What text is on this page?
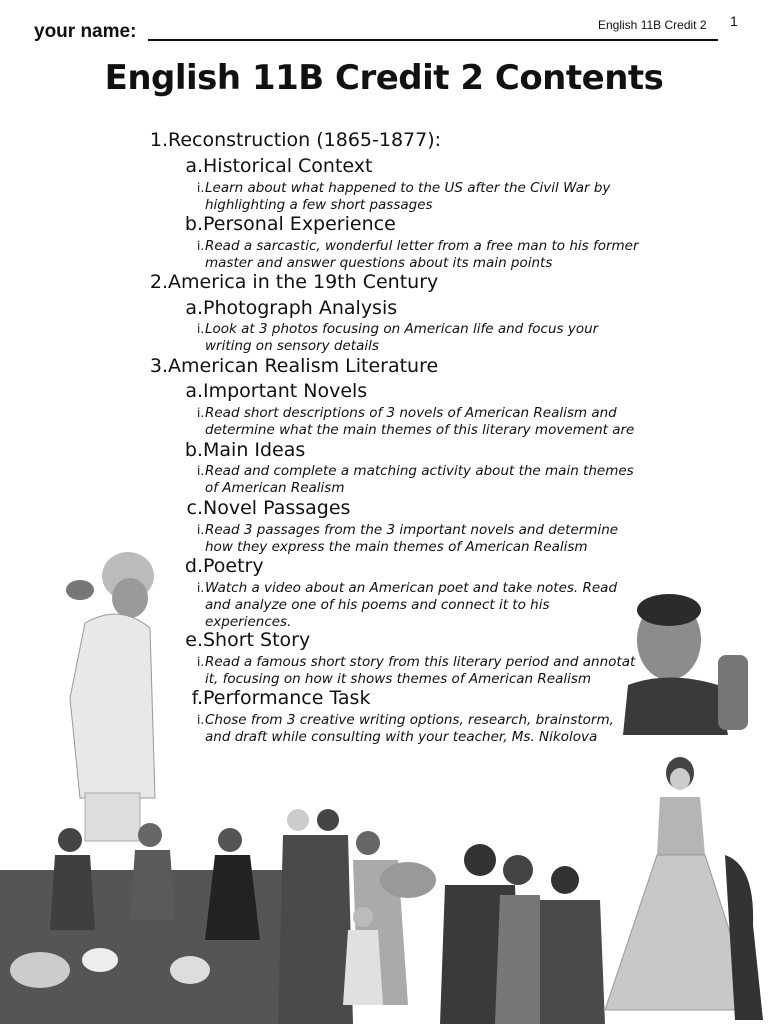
your name:	English 11B Credit 2 1
English 11B Credit 2 Contents
1.Reconstruction (1865-1877):
a.Historical Context
i. Learn about what happened to the US after the Civil War by
highlighting a few short passages
b.Personal Experience
i. Read a sarcastic, wonderful letter from a free man to his former
master and answer questions about its main points
2.America in the 19th Century
a.Photograph Analysis
i. Look at 3 photos focusing on American life and focus your
writing on sensory details
3.American Realism Literature
a.Important Novels
i. Read short descriptions of 3 novels of American Realism and
determine what the main themes of this literary movement are
b.Main Ideas
i. Read and complete a matching activity about the main themes
of American Realism
c.Novel Passages
i. Read 3 passages from the 3 important novels and determine
how they express the main themes of American Realism
d.Poetry
i. Watch a video about an American poet and take notes. Read
and analyze one of his poems and connect it to his
experiences.
e.Short Story
i. Read a famous short story from this literary period and annotat
it, focusing on how it shows themes of American Realism
f.Performance Task
i. Chose from 3 creative writing options, research, brainstorm,
and draft while consulting with your teacher, Ms. Nikolova
